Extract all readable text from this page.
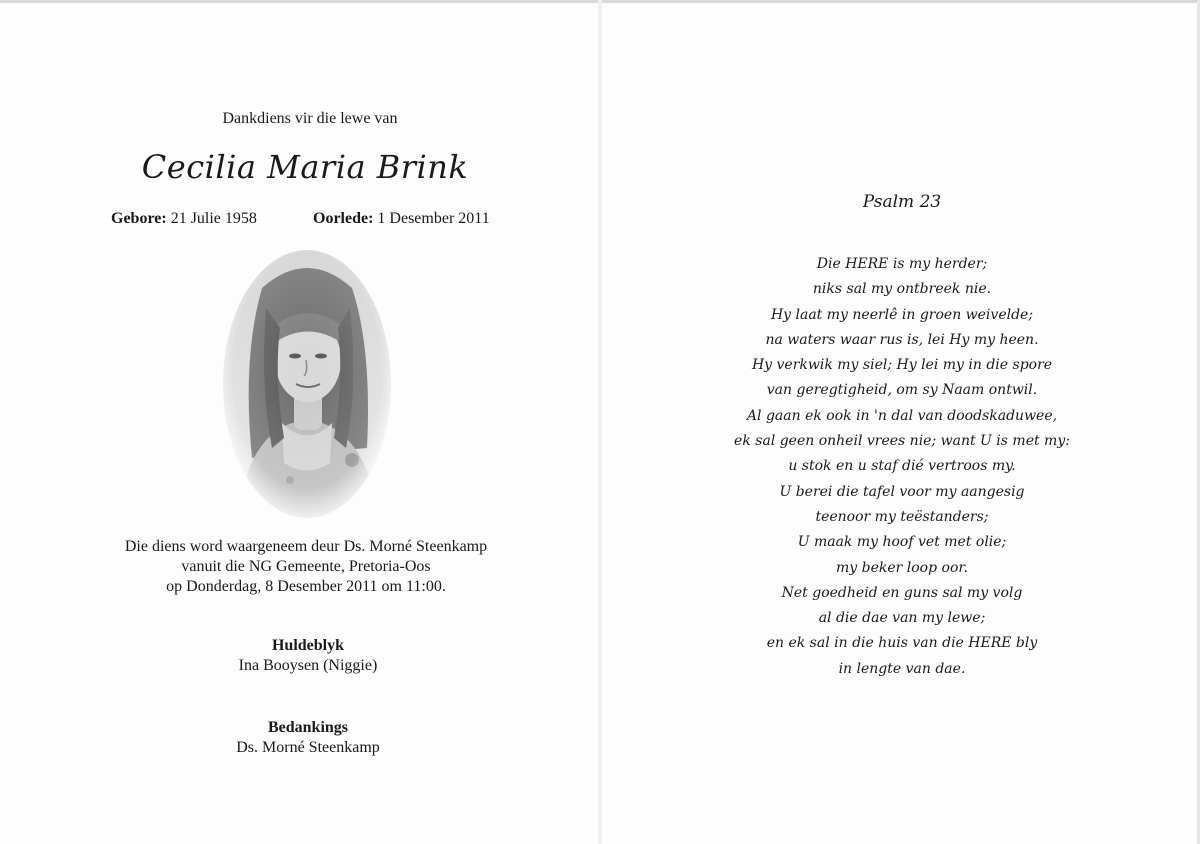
Dankdiens vir die lewe van
Cecilia Maria Brink
Gebore: 21 Julie 1958	Oorlede: 1 Desember 2011
Die diens word waargeneem deur Ds. Morné Steenkamp
vanuit die NG Gemeente, Pretoria-Oos
op Donderdag, 8 Desember 2011 om 11:00.
Huldeblyk
Ina Booysen (Niggie)
Bedankings
Ds. Morné Steenkamp
Psalm 23
Die HERE is my herder;
niks sal my ontbreek nie.
Hy laat my neerlê in groen weivelde;
na waters waar rus is, lei Hy my heen.
Hy verkwik my siel; Hy lei my in die spore
van geregtigheid, om sy Naam ontwil.
Al gaan ek ook in 'n dal van doodskaduwee,
ek sal geen onheil vrees nie; want U is met my:
u stok en u staf dié vertroos my.
U berei die tafel voor my aangesig
teenoor my teëstanders;
U maak my hoof vet met olie;
my beker loop oor.
Net goedheid en guns sal my volg
al die dae van my lewe;
en ek sal in die huis van die HERE bly
in lengte van dae.
